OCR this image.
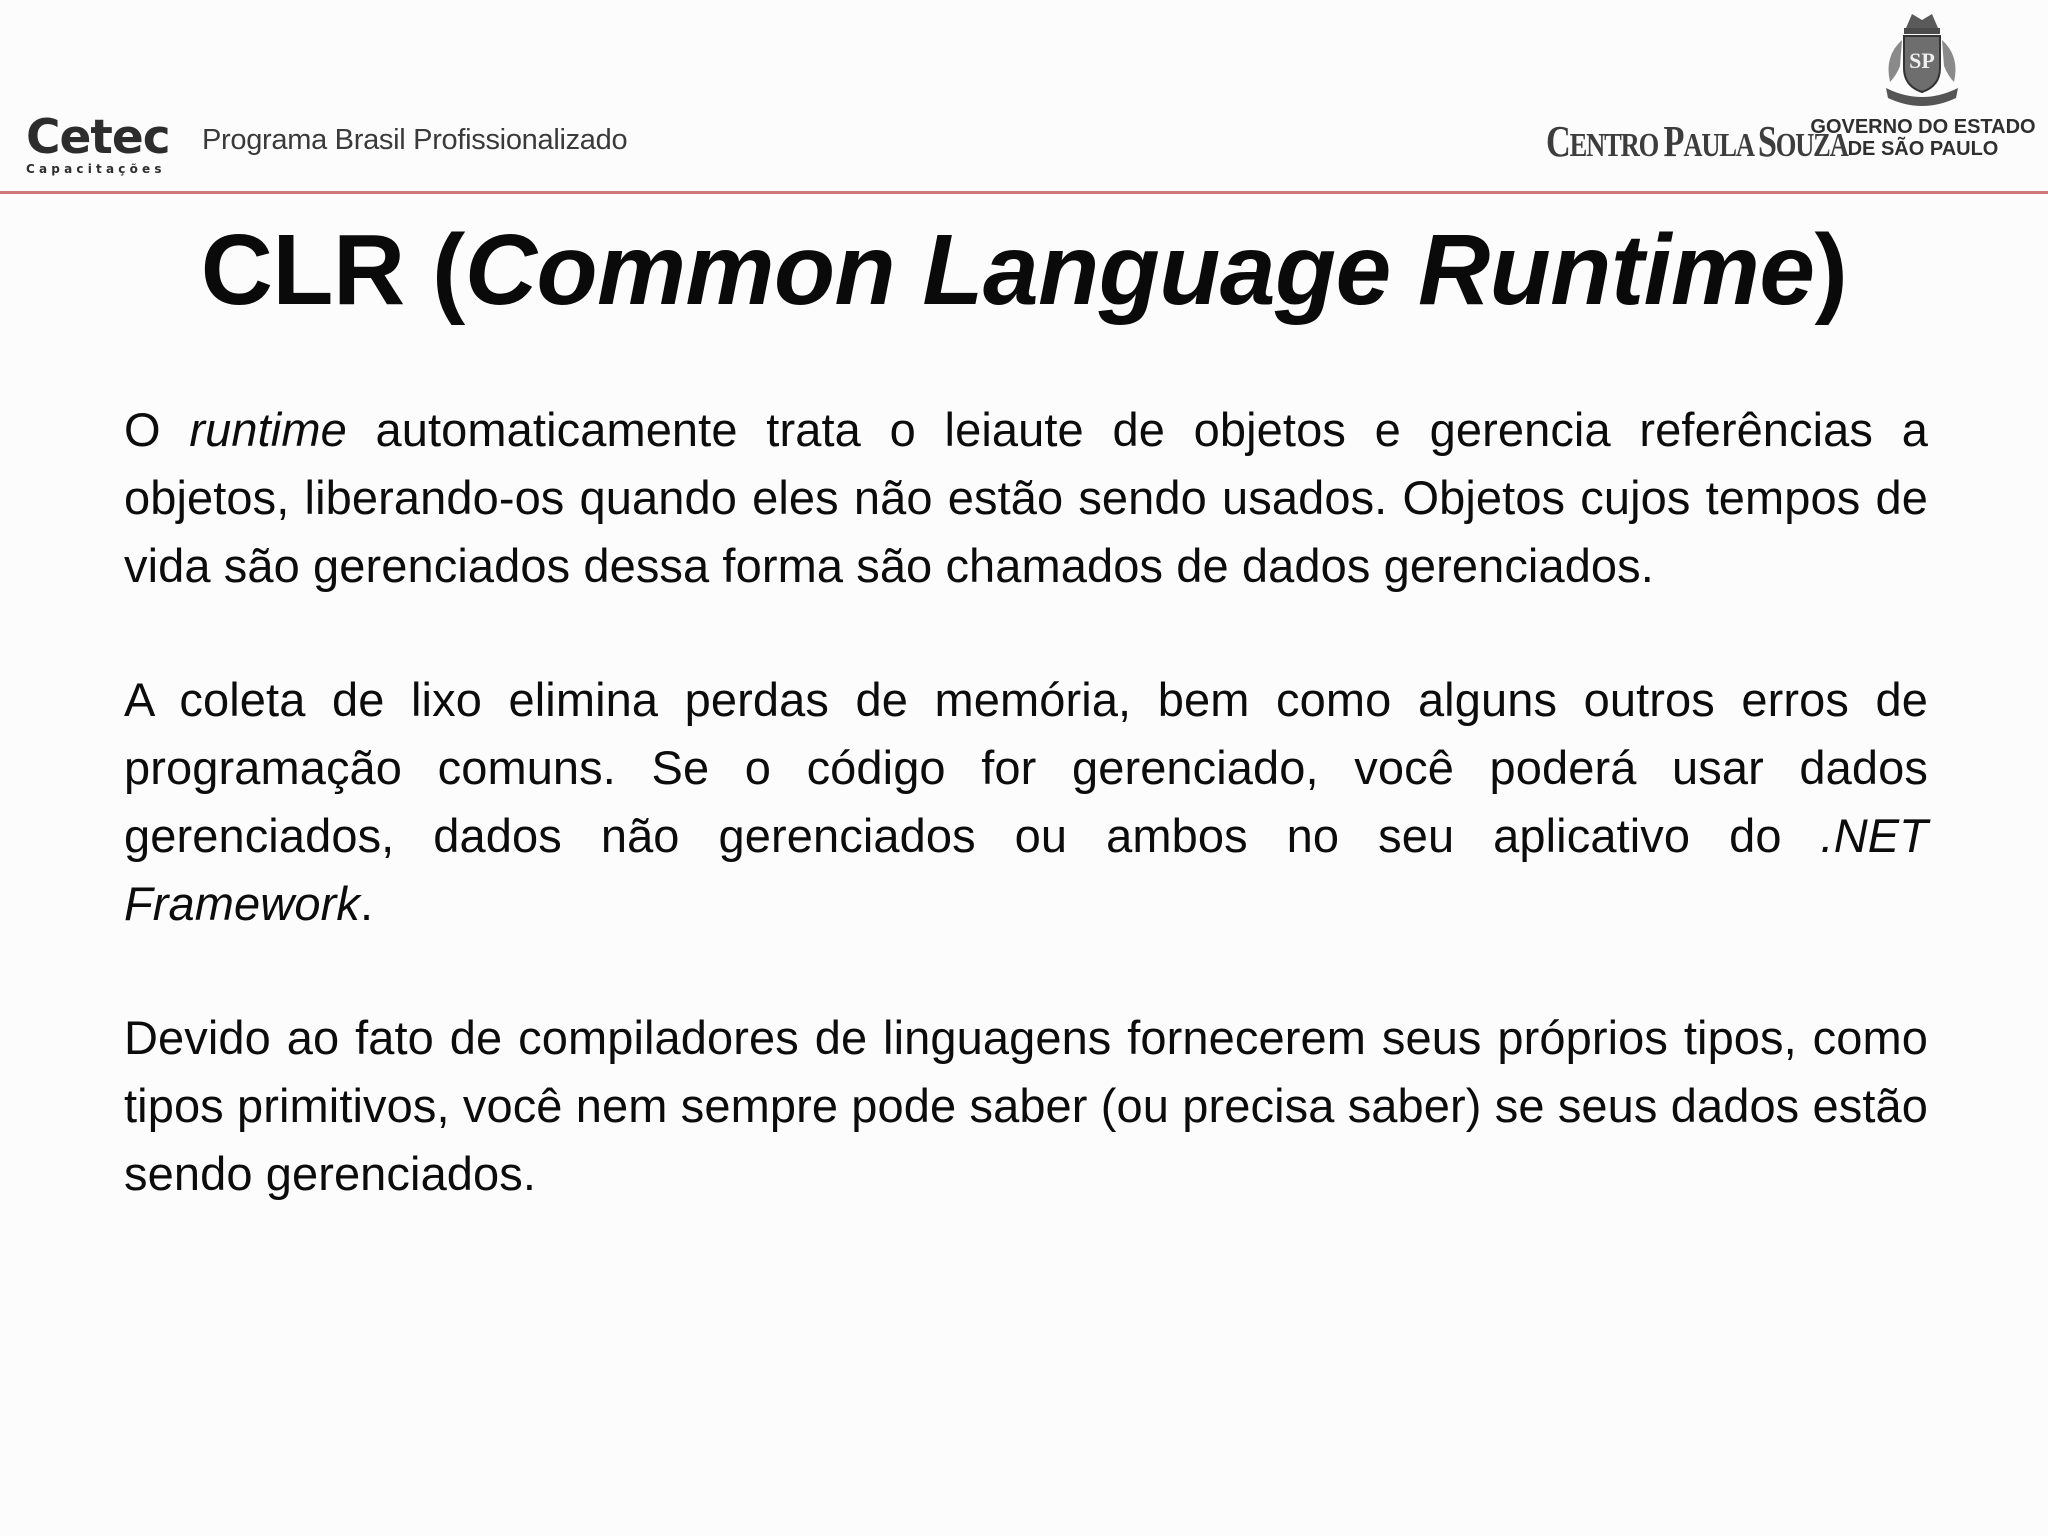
Cetec
Capacitações
Programa Brasil Profissionalizado	CENTRO PAULA SOUZA
SP
GOVERNO DO ESTADO
DE SÃO PAULO
CLR (Common Language Runtime)

O runtime automaticamente trata o leiaute de objetos e gerencia referências a objetos, liberando-os quando eles não estão sendo usados. Objetos cujos tempos de vida são gerenciados dessa forma são chamados de dados gerenciados.

A coleta de lixo elimina perdas de memória, bem como alguns outros erros de programação comuns. Se o código for gerenciado, você poderá usar dados gerenciados, dados não gerenciados ou ambos no seu aplicativo do .NET Framework.

Devido ao fato de compiladores de linguagens fornecerem seus próprios tipos, como tipos primitivos, você nem sempre pode saber (ou precisa saber) se seus dados estão sendo gerenciados.
